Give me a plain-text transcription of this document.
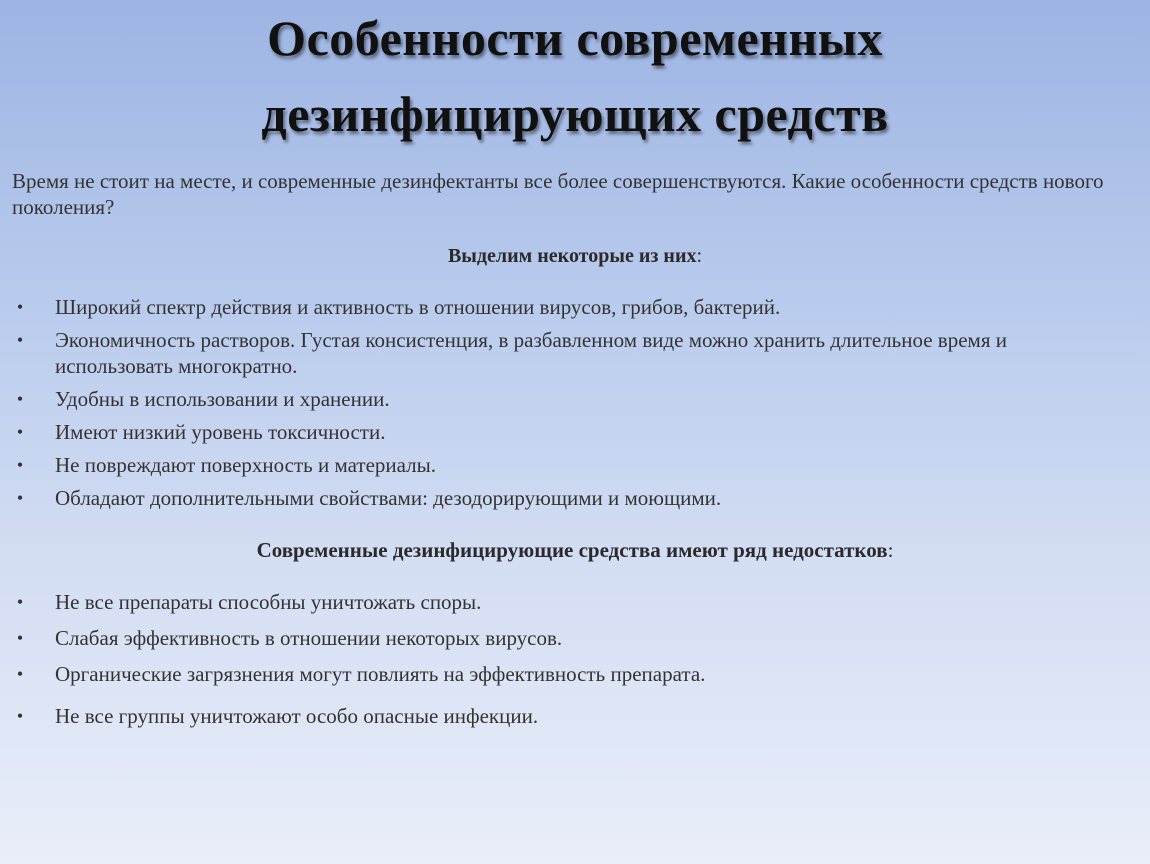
Особенности современных
дезинфицирующих средств
Время не стоит на месте, и современные дезинфектанты все более совершенствуются. Какие особенности средств нового поколения?
Выделим некоторые из них:
• Широкий спектр действия и активность в отношении вирусов, грибов, бактерий.
• Экономичность растворов. Густая консистенция, в разбавленном виде можно хранить длительное время и использовать многократно.
• Удобны в использовании и хранении.
• Имеют низкий уровень токсичности.
• Не повреждают поверхность и материалы.
• Обладают дополнительными свойствами: дезодорирующими и моющими.
Современные дезинфицирующие средства имеют ряд недостатков:
• Не все препараты способны уничтожать споры.
• Слабая эффективность в отношении некоторых вирусов.
• Органические загрязнения могут повлиять на эффективность препарата.
• Не все группы уничтожают особо опасные инфекции.
